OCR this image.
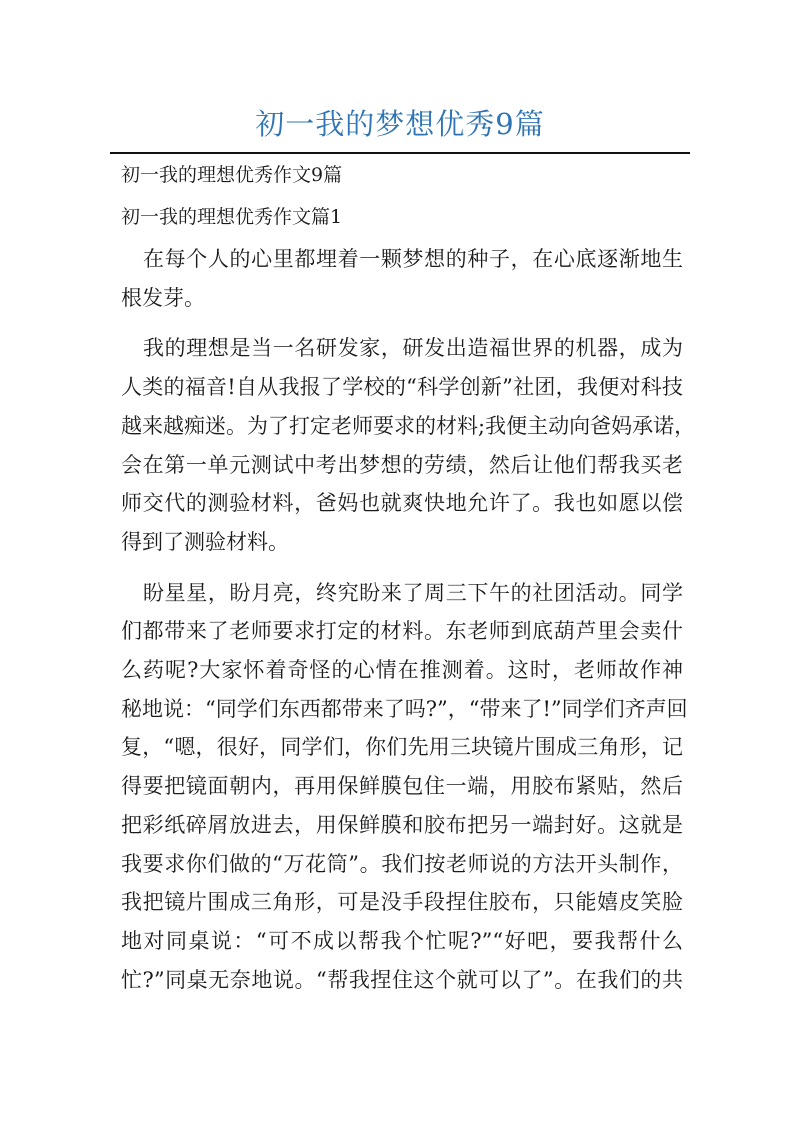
初一我的梦想优秀9篇
初一我的理想优秀作文9篇
初一我的理想优秀作文篇1
在每个人的心里都埋着一颗梦想的种子，在心底逐渐地生
根发芽。
我的理想是当一名研发家，研发出造福世界的机器，成为
人类的福音!自从我报了学校的“科学创新”社团，我便对科技
越来越痴迷。为了打定老师要求的材料;我便主动向爸妈承诺，
会在第一单元测试中考出梦想的劳绩，然后让他们帮我买老
师交代的测验材料，爸妈也就爽快地允许了。我也如愿以偿
得到了测验材料。
盼星星，盼月亮，终究盼来了周三下午的社团活动。同学
们都带来了老师要求打定的材料。东老师到底葫芦里会卖什
么药呢?大家怀着奇怪的心情在推测着。这时，老师故作神
秘地说：“同学们东西都带来了吗?”，“带来了!”同学们齐声回
复，“嗯，很好，同学们，你们先用三块镜片围成三角形，记
得要把镜面朝内，再用保鲜膜包住一端，用胶布紧贴，然后
把彩纸碎屑放进去，用保鲜膜和胶布把另一端封好。这就是
我要求你们做的“万花筒”。我们按老师说的方法开头制作，
我把镜片围成三角形，可是没手段捏住胶布，只能嬉皮笑脸
地对同桌说：“可不成以帮我个忙呢?”“好吧，要我帮什么
忙?”同桌无奈地说。“帮我捏住这个就可以了”。在我们的共
